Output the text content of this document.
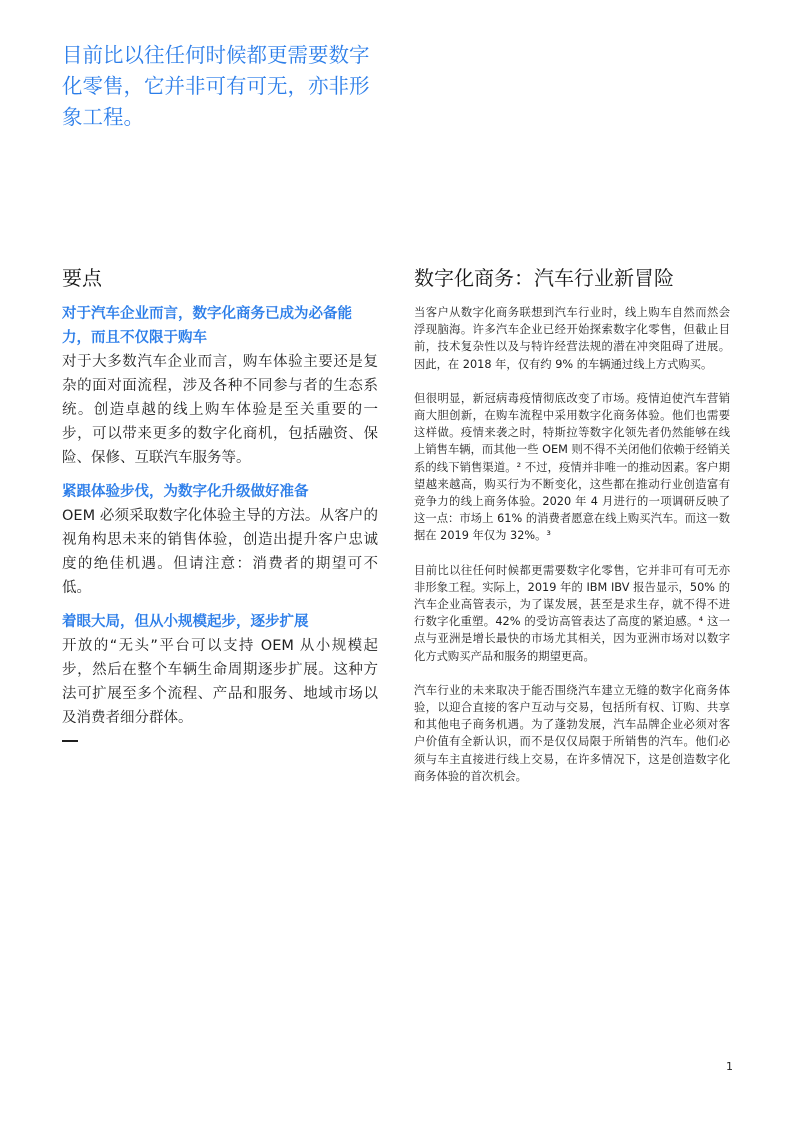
目前比以往任何时候都更需要数字化零售，它并非可有可无，亦非形象工程。
要点

对于汽车企业而言，数字化商务已成为必备能力，而且不仅限于购车

对于大多数汽车企业而言，购车体验主要还是复杂的面对面流程，涉及各种不同参与者的生态系统。创造卓越的线上购车体验是至关重要的一步，可以带来更多的数字化商机，包括融资、保险、保修、互联汽车服务等。

紧跟体验步伐，为数字化升级做好准备

OEM 必须采取数字化体验主导的方法。从客户的视角构思未来的销售体验，创造出提升客户忠诚度的绝佳机遇。但请注意：消费者的期望可不低。

着眼大局，但从小规模起步，逐步扩展

开放的“无头”平台可以支持 OEM 从小规模起步，然后在整个车辆生命周期逐步扩展。这种方法可扩展至多个流程、产品和服务、地域市场以及消费者细分群体。

数字化商务：汽车行业新冒险

当客户从数字化商务联想到汽车行业时，线上购车自然而然会浮现脑海。许多汽车企业已经开始探索数字化零售，但截止目前，技术复杂性以及与特许经营法规的潜在冲突阻碍了进展。因此，在 2018 年，仅有约 9% 的车辆通过线上方式购买。

但很明显，新冠病毒疫情彻底改变了市场。疫情迫使汽车营销商大胆创新，在购车流程中采用数字化商务体验。他们也需要这样做。疫情来袭之时，特斯拉等数字化领先者仍然能够在线上销售车辆，而其他一些 OEM 则不得不关闭他们依赖于经销关系的线下销售渠道。² 不过，疫情并非唯一的推动因素。客户期望越来越高，购买行为不断变化，这些都在推动行业创造富有竞争力的线上商务体验。2020 年 4 月进行的一项调研反映了这一点：市场上 61% 的消费者愿意在线上购买汽车。而这一数据在 2019 年仅为 32%。³

目前比以往任何时候都更需要数字化零售，它并非可有可无亦非形象工程。实际上，2019 年的 IBM IBV 报告显示，50% 的汽车企业高管表示，为了谋发展，甚至是求生存，就不得不进行数字化重塑。42% 的受访高管表达了高度的紧迫感。⁴ 这一点与亚洲是增长最快的市场尤其相关，因为亚洲市场对以数字化方式购买产品和服务的期望更高。

汽车行业的未来取决于能否围绕汽车建立无缝的数字化商务体验，以迎合直接的客户互动与交易，包括所有权、订购、共享和其他电子商务机遇。为了蓬勃发展，汽车品牌企业必须对客户价值有全新认识，而不是仅仅局限于所销售的汽车。他们必须与车主直接进行线上交易，在许多情况下，这是创造数字化商务体验的首次机会。

1
